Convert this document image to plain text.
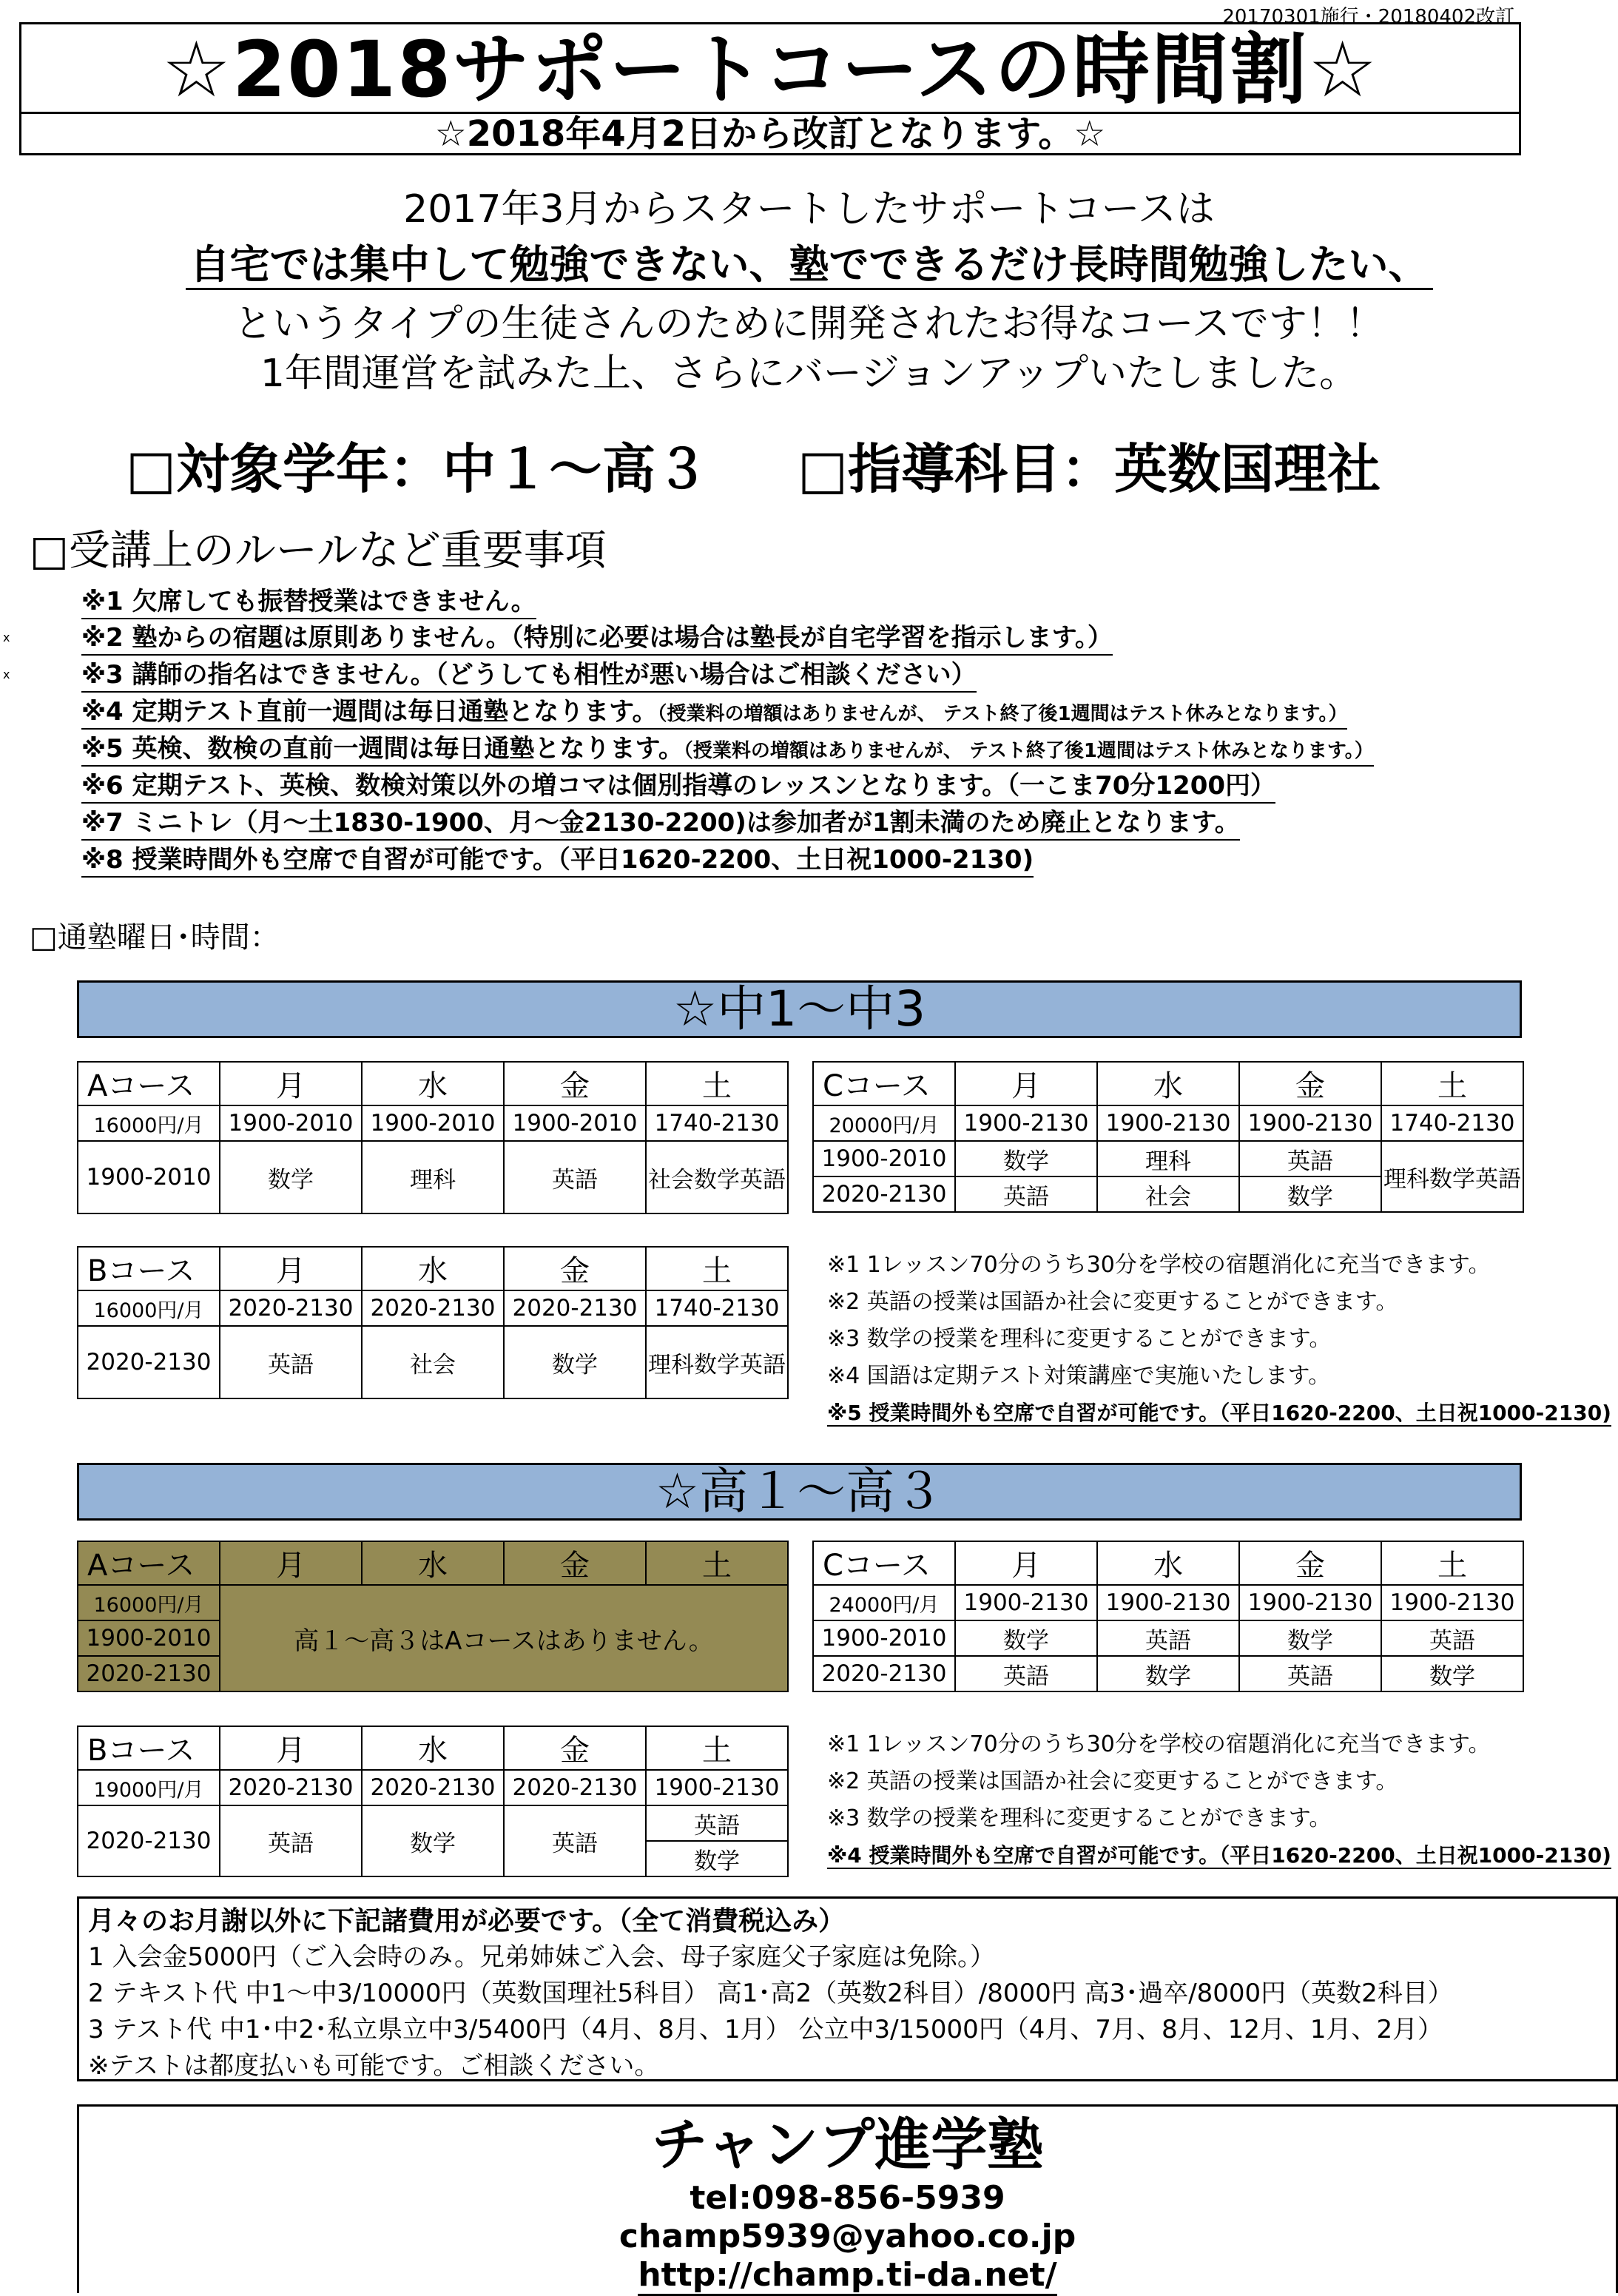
20170301施行・20180402改訂
☆2018サポートコースの時間割☆
☆2018年4月2日から改訂となります。☆
2017年3月からスタートしたサポートコースは
自宅では集中して勉強できない、塾でできるだけ長時間勉強したい、
というタイプの生徒さんのために開発されたお得なコースです！！
1年間運営を試みた上、さらにバージョンアップいたしました。
□対象学年：中１～高３ □指導科目：英数国理社
□受講上のルールなど重要事項
x
x
※1 欠席しても振替授業はできません。
※2 塾からの宿題は原則ありません。（特別に必要は場合は塾長が自宅学習を指示します。）
※3 講師の指名はできません。（どうしても相性が悪い場合はご相談ください）
※4 定期テスト直前一週間は毎日通塾となります。（授業料の増額はありませんが、 テスト終了後1週間はテスト休みとなります。）
※5 英検、数検の直前一週間は毎日通塾となります。（授業料の増額はありませんが、 テスト終了後1週間はテスト休みとなります。）
※6 定期テスト、英検、数検対策以外の増コマは個別指導のレッスンとなります。（一こま70分1200円）
※7 ミニトレ（月～土1830-1900、月～金2130-2200)は参加者が1割未満のため廃止となります。
※8 授業時間外も空席で自習が可能です。（平日1620-2200、土日祝1000-2130)
□通塾曜日･時間：
☆中1～中3
Aコース	月	水	金	土
16000円/月	1900-2010	1900-2010	1900-2010	1740-2130
1900-2010	数学	理科	英語	社会数学英語
Cコース	月	水	金	土
20000円/月	1900-2130	1900-2130	1900-2130	1740-2130
1900-2010	数学	理科	英語	理科数学英語
2020-2130	英語	社会	数学	
Bコース	月	水	金	土
16000円/月	2020-2130	2020-2130	2020-2130	1740-2130
2020-2130	英語	社会	数学	理科数学英語
※1 1レッスン70分のうち30分を学校の宿題消化に充当できます。
※2 英語の授業は国語か社会に変更することができます。
※3 数学の授業を理科に変更することができます。
※4 国語は定期テスト対策講座で実施いたします。
※5 授業時間外も空席で自習が可能です。（平日1620-2200、土日祝1000-2130)
☆高１～高３
Aコース	月	水	金	土
16000円/月	高１～高３はAコースはありません。			
1900-2010				
2020-2130				
Cコース	月	水	金	土
24000円/月	1900-2130	1900-2130	1900-2130	1900-2130
1900-2010	数学	英語	数学	英語
2020-2130	英語	数学	英語	数学
Bコース	月	水	金	土
19000円/月	2020-2130	2020-2130	2020-2130	1900-2130
2020-2130	英語	数学	英語	英語
				数学
※1 1レッスン70分のうち30分を学校の宿題消化に充当できます。
※2 英語の授業は国語か社会に変更することができます。
※3 数学の授業を理科に変更することができます。
※4 授業時間外も空席で自習が可能です。（平日1620-2200、土日祝1000-2130)
月々のお月謝以外に下記諸費用が必要です。（全て消費税込み）
1 入会金5000円（ご入会時のみ。兄弟姉妹ご入会、母子家庭父子家庭は免除。）
2 テキスト代 中1～中3/10000円（英数国理社5科目） 高1･高2（英数2科目）/8000円 高3･過卒/8000円（英数2科目）
3 テスト代 中1･中2･私立県立中3/5400円（4月、8月、1月） 公立中3/15000円（4月、7月、8月、12月、1月、2月）
※テストは都度払いも可能です。ご相談ください。
チャンプ進学塾
tel:098-856-5939
champ5939@yahoo.co.jp
http://champ.ti-da.net/
